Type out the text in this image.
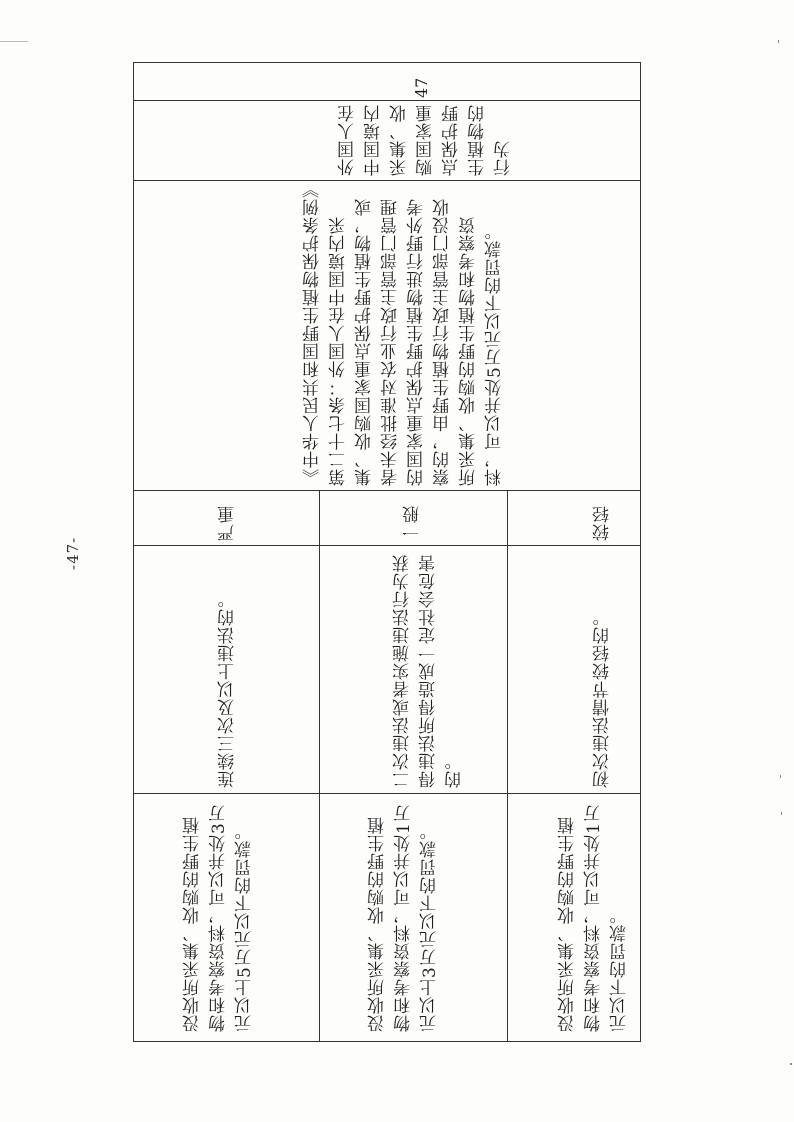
47
外国人在中国境内采集、收购国家重点保护野生植物的行为
《中华人民共和国野生植物保护条例》第二十七条：外国人在中国境内采集、收购国家重点保护野生植物，或者未经批准对农业行政主管部门管理的国家重点保护野生植物进行野外考察的，由野生植物行政主管部门没收所采集、收购的野生植物和考察资料，可以并处5万元以下的罚款。
较轻
一般
严重
初次违法情节较轻的。
二次违法或者实施违法行为获得违法所得造成一定社会危害的。
连续三次及以上违法的。
没收所采集、收购的野生植物和考察资料，可以并处1万元以下的罚款。
没收所采集、收购的野生植物和考察资料，可以并处1万元以上3万元以下的罚款。
没收所采集、收购的野生植物和考察资料，可以并处3万元以上5万元以下的罚款。
-47-
